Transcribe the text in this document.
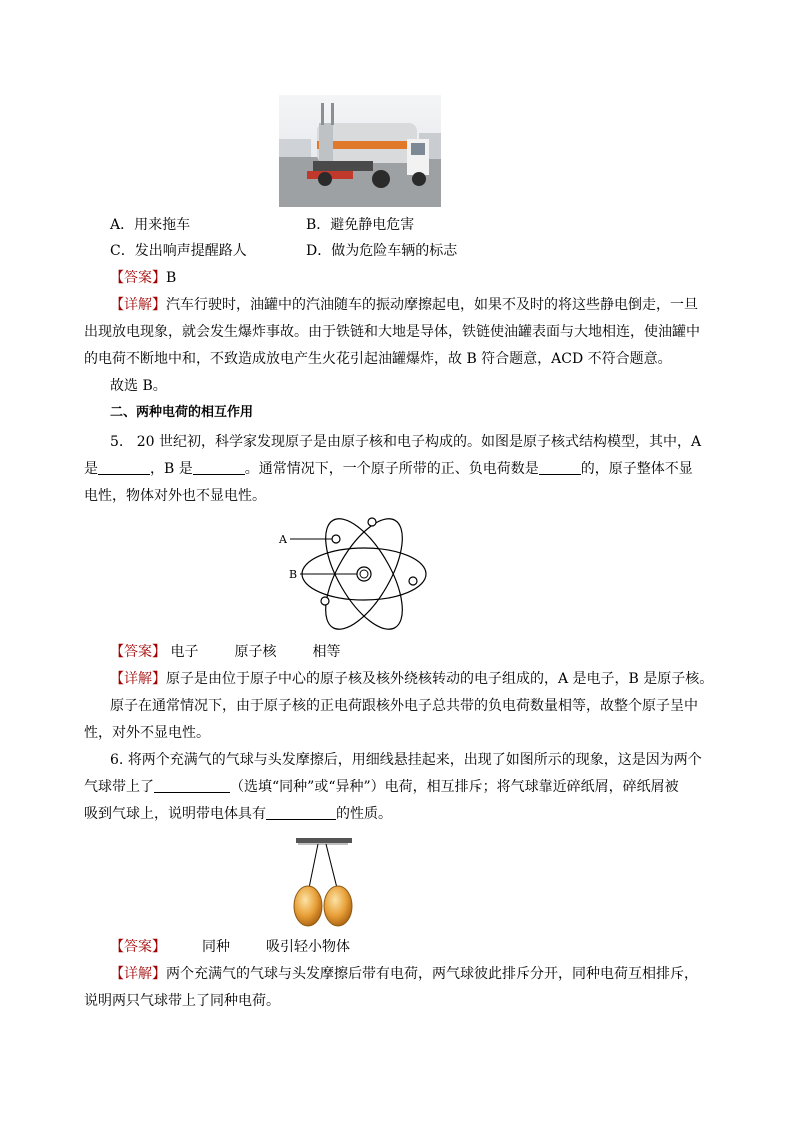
A．用来拖车	B．避免静电危害
C．发出响声提醒路人	D．做为危险车辆的标志
【答案】B
【详解】汽车行驶时，油罐中的汽油随车的振动摩擦起电，如果不及时的将这些静电倒走，一旦
出现放电现象，就会发生爆炸事故。由于铁链和大地是导体，铁链使油罐表面与大地相连，使油罐中
的电荷不断地中和，不致造成放电产生火花引起油罐爆炸，故 B 符合题意，ACD 不符合题意。
故选 B。
二、两种电荷的相互作用
5. 20 世纪初，科学家发现原子是由原子核和电子构成的。如图是原子核式结构模型，其中，A
是	，B 是	。通常情况下，一个原子所带的正、负电荷数是	的，原子整体不显
电性，物体对外也不显电性。
A
B
【答案】 电子	原子核	相等
【详解】原子是由位于原子中心的原子核及核外绕核转动的电子组成的，A 是电子，B 是原子核。
原子在通常情况下，由于原子核的正电荷跟核外电子总共带的负电荷数量相等，故整个原子呈中
性，对外不显电性。
6. 将两个充满气的气球与头发摩擦后，用细线悬挂起来，出现了如图所示的现象，这是因为两个
气球带上了	（选填“同种”或“异种”）电荷，相互排斥；将气球靠近碎纸屑，碎纸屑被
吸到气球上，说明带电体具有	的性质。
【答案】	同种	吸引轻小物体
【详解】两个充满气的气球与头发摩擦后带有电荷，两气球彼此排斥分开，同种电荷互相排斥，
说明两只气球带上了同种电荷。
